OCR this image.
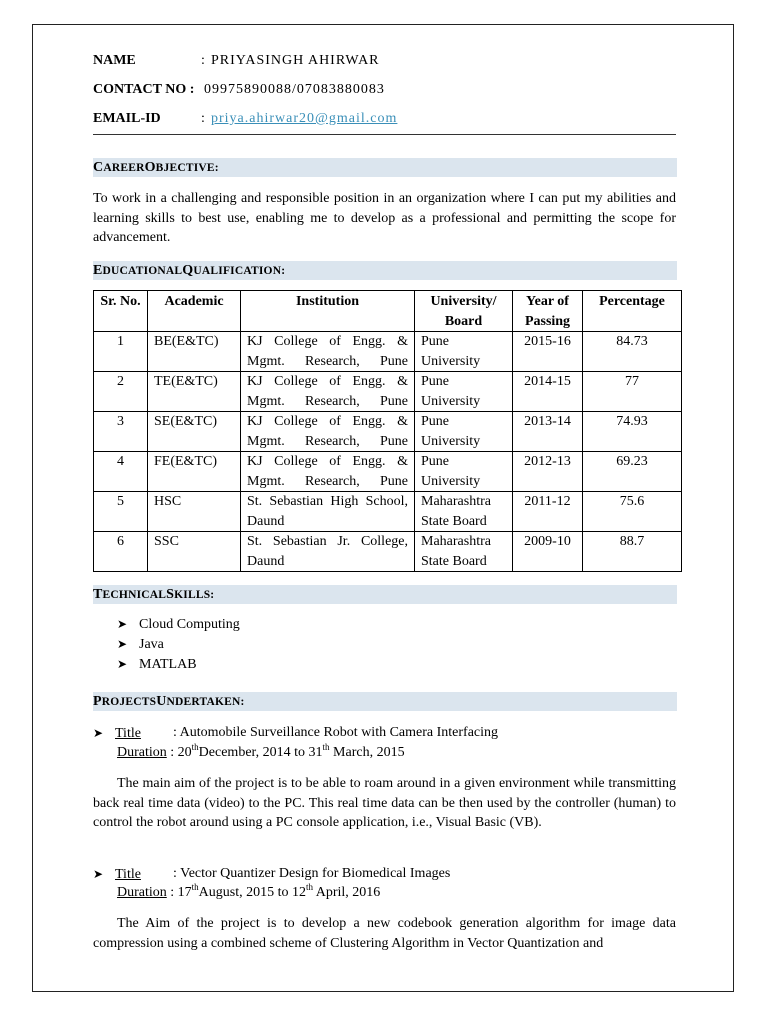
NAME	: PRIYASINGH AHIRWAR
CONTACT NO : 09975890088/07083880083
EMAIL-ID	: priya.ahirwar20@gmail.com
CAREEROBJECTIVE:
To work in a challenging and responsible position in an organization where I can put my abilities and learning skills to best use, enabling me to develop as a professional and permitting the scope for advancement.
EDUCATIONALQUALIFICATION:
Sr. No.	Academic	Institution	University/ Board	Year of Passing	Percentage
1	BE(E&TC)	KJ College of Engg. & Mgmt. Research, Pune	Pune University	2015-16	84.73
2	TE(E&TC)	KJ College of Engg. & Mgmt. Research, Pune	Pune University	2014-15	77
3	SE(E&TC)	KJ College of Engg. & Mgmt. Research, Pune	Pune University	2013-14	74.93
4	FE(E&TC)	KJ College of Engg. & Mgmt. Research, Pune	Pune University	2012-13	69.23
5	HSC	St. Sebastian High School, Daund	Maharashtra State Board	2011-12	75.6
6	SSC	St. Sebastian Jr. College, Daund	Maharashtra State Board	2009-10	88.7
TECHNICALSKILLS:
➤ Cloud Computing
➤ Java
➤ MATLAB
PROJECTSUNDERTAKEN:
➤ Title : Automobile Surveillance Robot with Camera Interfacing
Duration : 20thDecember, 2014 to 31th March, 2015
The main aim of the project is to be able to roam around in a given environment while transmitting back real time data (video) to the PC. This real time data can be then used by the controller (human) to control the robot around using a PC console application, i.e., Visual Basic (VB).
➤ Title : Vector Quantizer Design for Biomedical Images
Duration : 17thAugust, 2015 to 12th April, 2016
The Aim of the project is to develop a new codebook generation algorithm for image data compression using a combined scheme of Clustering Algorithm in Vector Quantization and
